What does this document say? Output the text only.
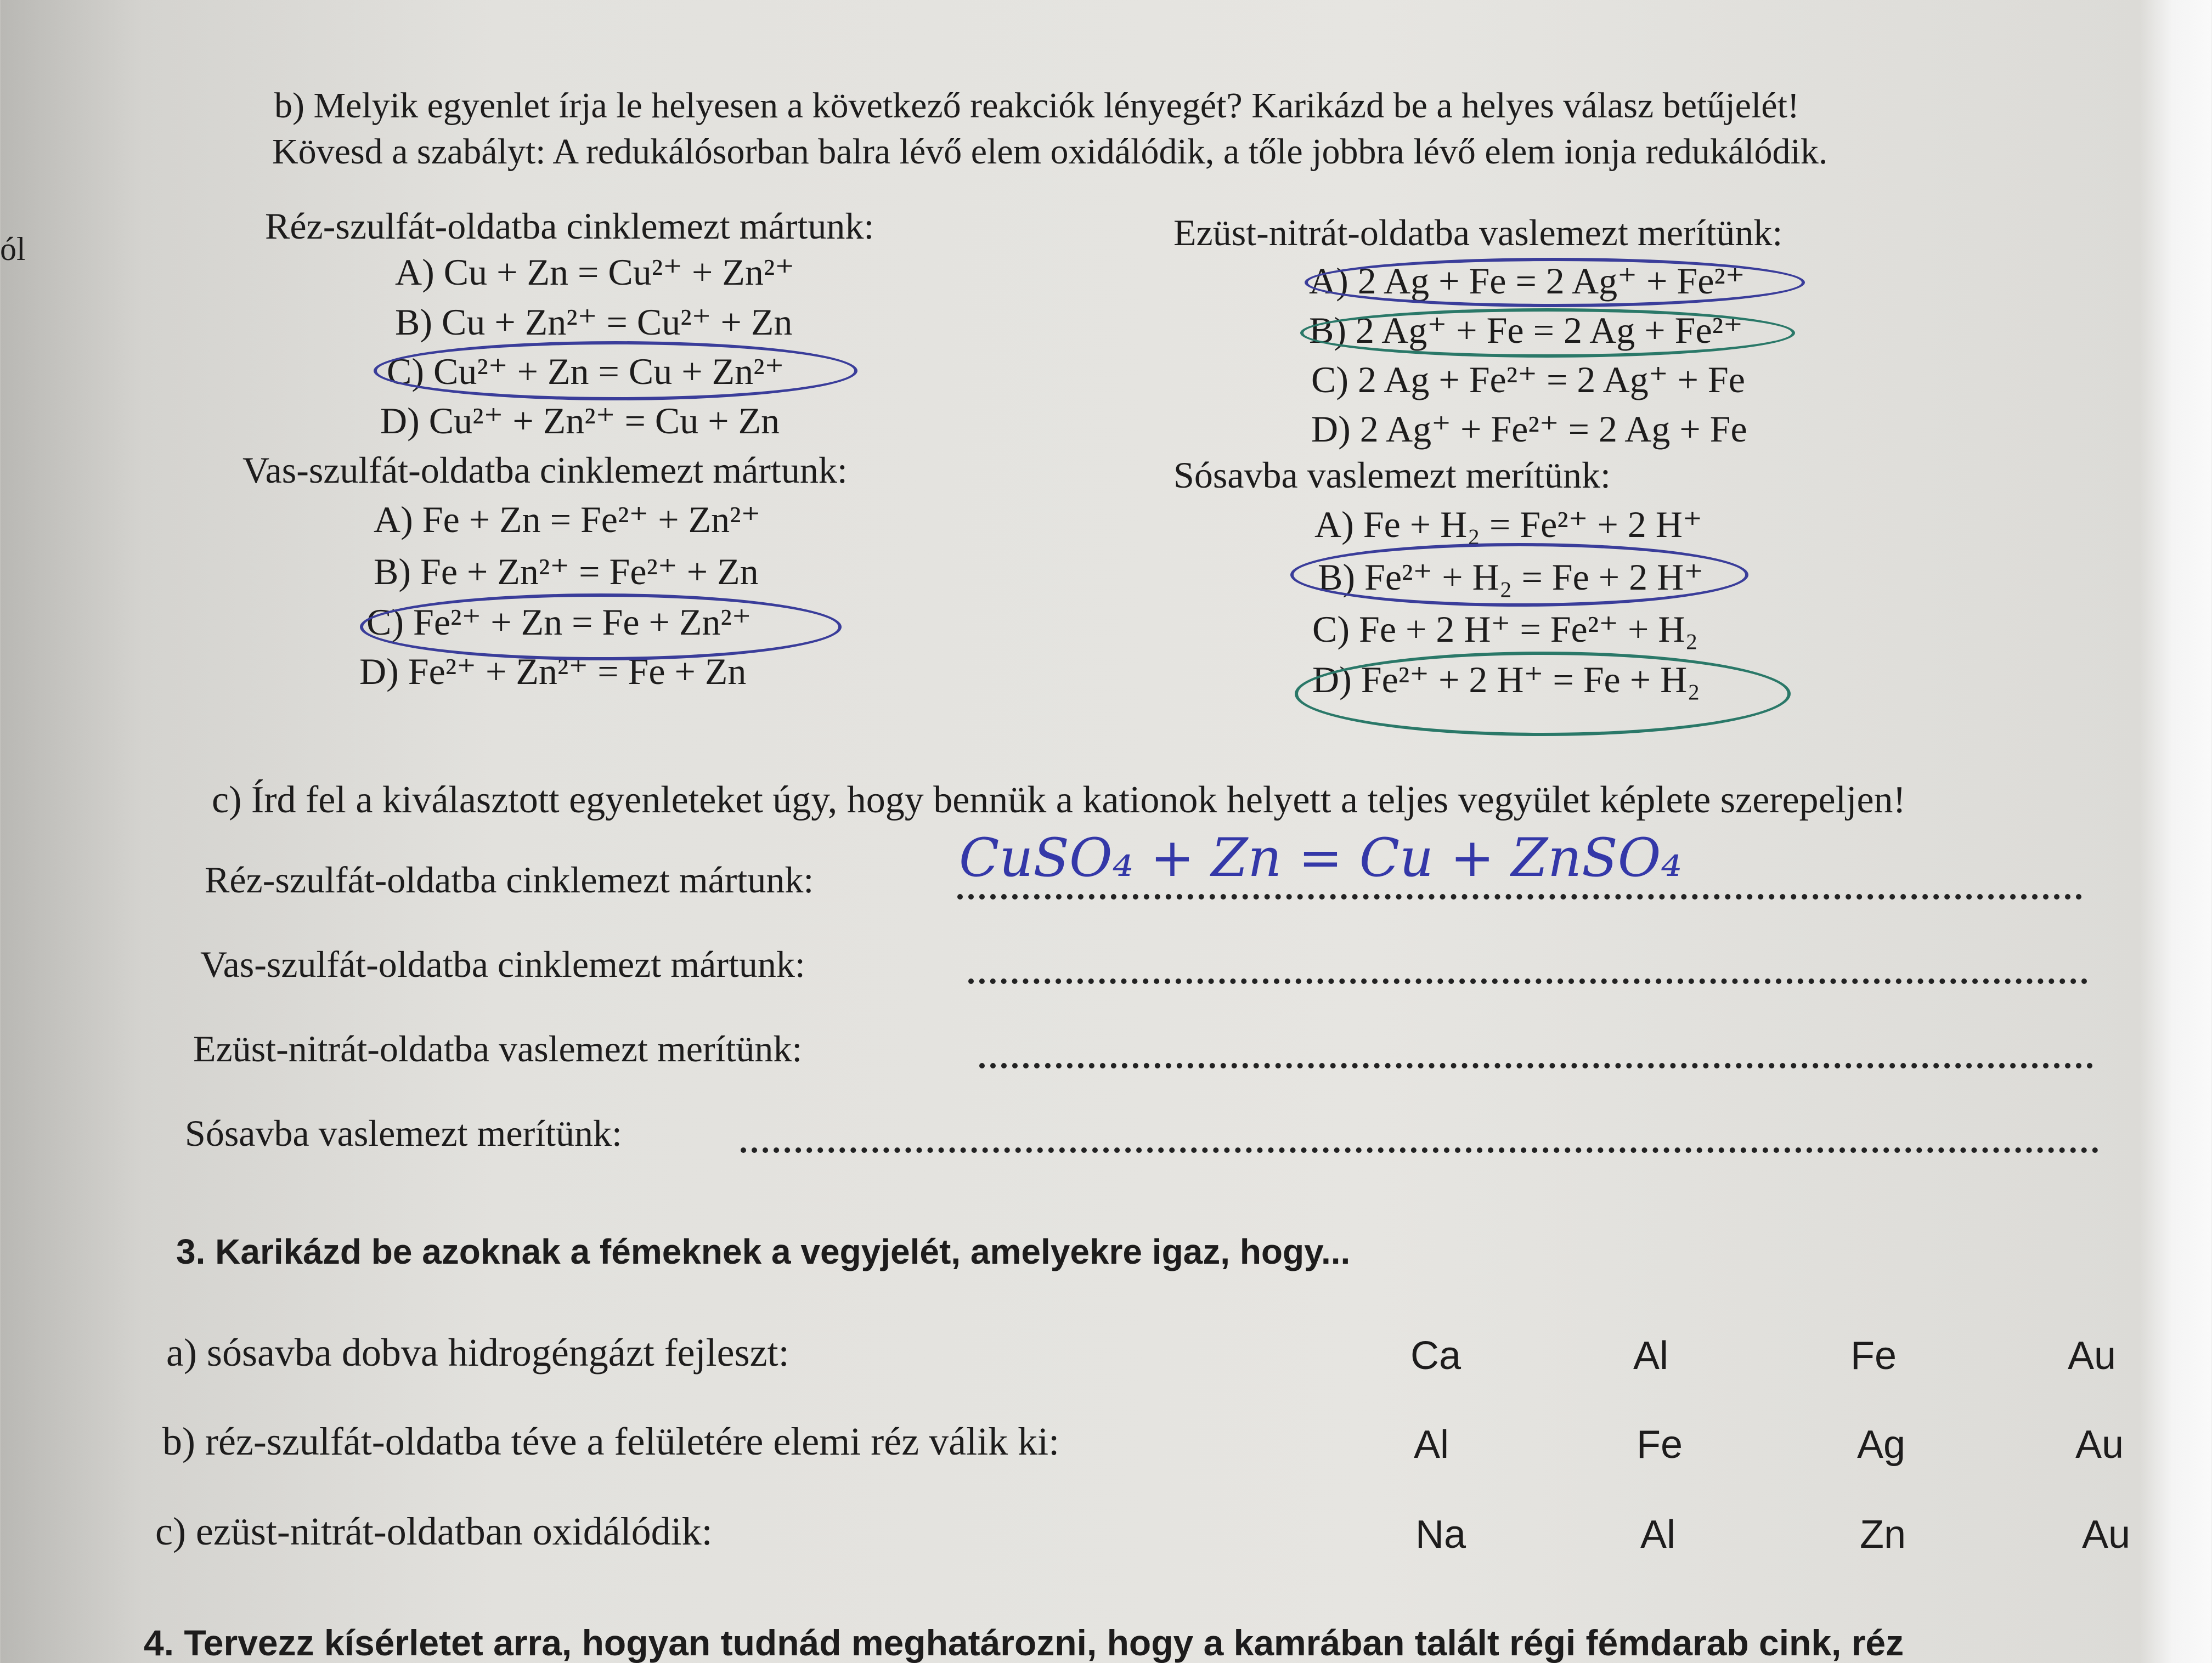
ól
b) Melyik egyenlet írja le helyesen a következő reakciók lényegét? Karikázd be a helyes válasz betűjelét!
Kövesd a szabályt: A redukálósorban balra lévő elem oxidálódik, a tőle jobbra lévő elem ionja redukálódik.
Réz-szulfát-oldatba cinklemezt mártunk:
A) Cu + Zn = Cu²⁺ + Zn²⁺
B) Cu + Zn²⁺ = Cu²⁺ + Zn
C) Cu²⁺ + Zn = Cu + Zn²⁺
D) Cu²⁺ + Zn²⁺ = Cu + Zn
Vas-szulfát-oldatba cinklemezt mártunk:
A) Fe + Zn = Fe²⁺ + Zn²⁺
B) Fe + Zn²⁺ = Fe²⁺ + Zn
C) Fe²⁺ + Zn = Fe + Zn²⁺
D) Fe²⁺ + Zn²⁺ = Fe + Zn
Ezüst-nitrát-oldatba vaslemezt merítünk:
A) 2 Ag + Fe = 2 Ag⁺ + Fe²⁺
B) 2 Ag⁺ + Fe = 2 Ag + Fe²⁺
C) 2 Ag + Fe²⁺ = 2 Ag⁺ + Fe
D) 2 Ag⁺ + Fe²⁺ = 2 Ag + Fe
Sósavba vaslemezt merítünk:
A) Fe + H₂ = Fe²⁺ + 2 H⁺
B) Fe²⁺ + H₂ = Fe + 2 H⁺
C) Fe + 2 H⁺ = Fe²⁺ + H₂
D) Fe²⁺ + 2 H⁺ = Fe + H₂
c) Írd fel a kiválasztott egyenleteket úgy, hogy bennük a kationok helyett a teljes vegyület képlete szerepeljen!
Réz-szulfát-oldatba cinklemezt mártunk:	CuSO₄ + Zn = Cu + ZnSO₄
Vas-szulfát-oldatba cinklemezt mártunk:
Ezüst-nitrát-oldatba vaslemezt merítünk:
Sósavba vaslemezt merítünk:
3. Karikázd be azoknak a fémeknek a vegyjelét, amelyekre igaz, hogy...
a) sósavba dobva hidrogéngázt fejleszt:	Ca	Al	Fe	Au
b) réz-szulfát-oldatba téve a felületére elemi réz válik ki:	Al	Fe	Ag	Au
c) ezüst-nitrát-oldatban oxidálódik:	Na	Al	Zn	Au
4. Tervezz kísérletet arra, hogyan tudnád meghatározni, hogy a kamrában talált régi fémdarab cink, réz
